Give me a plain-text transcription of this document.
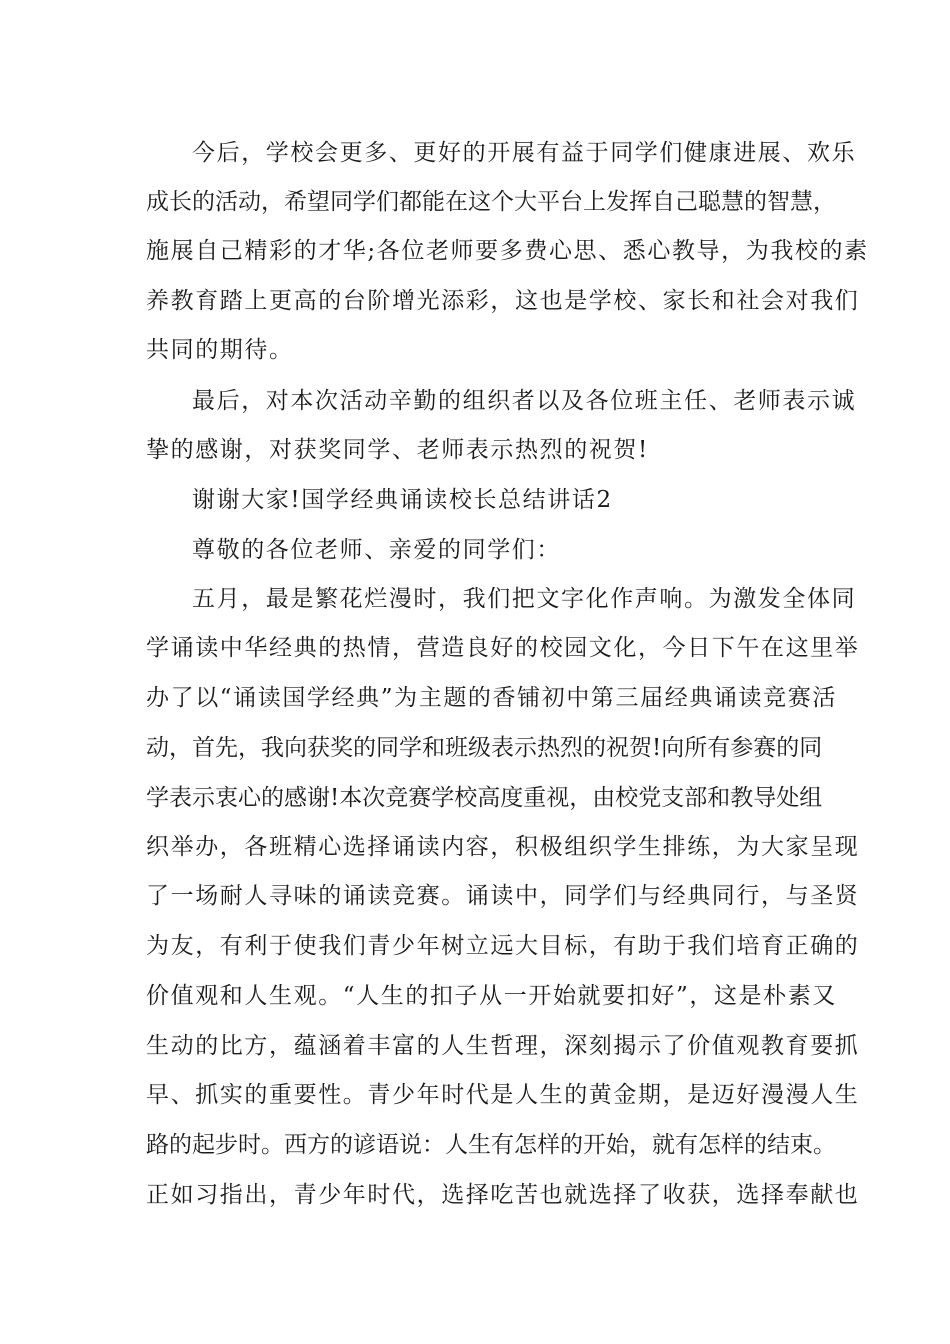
今后，学校会更多、更好的开展有益于同学们健康进展、欢乐
成长的活动，希望同学们都能在这个大平台上发挥自己聪慧的智慧，
施展自己精彩的才华;各位老师要多费心思、悉心教导，为我校的素
养教育踏上更高的台阶增光添彩，这也是学校、家长和社会对我们
共同的期待。
最后，对本次活动辛勤的组织者以及各位班主任、老师表示诚
挚的感谢，对获奖同学、老师表示热烈的祝贺!
谢谢大家!国学经典诵读校长总结讲话2
尊敬的各位老师、亲爱的同学们：
五月，最是繁花烂漫时，我们把文字化作声响。为激发全体同
学诵读中华经典的热情，营造良好的校园文化，今日下午在这里举
办了以“诵读国学经典”为主题的香铺初中第三届经典诵读竞赛活
动，首先，我向获奖的同学和班级表示热烈的祝贺!向所有参赛的同
学表示衷心的感谢!本次竞赛学校高度重视，由校党支部和教导处组
织举办，各班精心选择诵读内容，积极组织学生排练，为大家呈现
了一场耐人寻味的诵读竞赛。诵读中，同学们与经典同行，与圣贤
为友，有利于使我们青少年树立远大目标，有助于我们培育正确的
价值观和人生观。“人生的扣子从一开始就要扣好”，这是朴素又
生动的比方，蕴涵着丰富的人生哲理，深刻揭示了价值观教育要抓
早、抓实的重要性。青少年时代是人生的黄金期，是迈好漫漫人生
路的起步时。西方的谚语说：人生有怎样的开始，就有怎样的结束。
正如习指出，青少年时代，选择吃苦也就选择了收获，选择奉献也
